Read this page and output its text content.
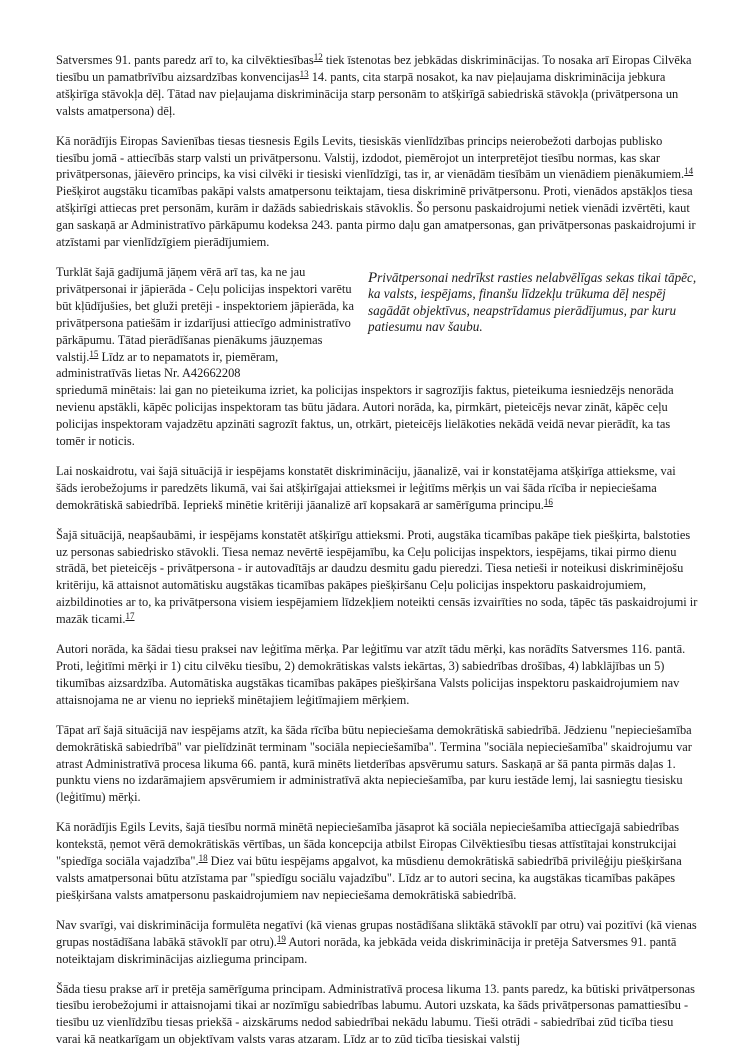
Satversmes 91. pants paredz arī to, ka cilvēktiesības$^{12}$ tiek īstenotas bez jebkādas diskriminācijas. To nosaka arī Eiropas Cilvēka tiesību un pamatbrīvību aizsardzības konvencijas$^{13}$ 14. pants, cita starpā nosakot, ka nav pieļaujama diskriminācija jebkura atšķirīga stāvokļa dēļ. Tātad nav pieļaujama diskriminācija starp personām to atšķirīgā sabiedriskā stāvokļa (privātpersona un valsts amatpersona) dēļ.

Kā norādījis Eiropas Savienības tiesas tiesnesis Egils Levits, tiesiskās vienlīdzības princips neierobežoti darbojas publisko tiesību jomā - attiecībās starp valsti un privātpersonu. Valstij, izdodot, piemērojot un interpretējot tiesību normas, kas skar privātpersonas, jāievēro princips, ka visi cilvēki ir tiesiski vienlīdzīgi, tas ir, ar vienādām tiesībām un vienādiem pienākumiem.$^{14}$ Piešķirot augstāku ticamības pakāpi valsts amatpersonu teiktajam, tiesa diskriminē privātpersonu. Proti, vienādos apstākļos tiesa atšķirīgi attiecas pret personām, kurām ir dažāds sabiedriskais stāvoklis. Šo personu paskaidrojumi netiek vienādi izvērtēti, kaut gan saskaņā ar Administratīvo pārkāpumu kodeksa 243. panta pirmo daļu gan amatpersonas, gan privātpersonas paskaidrojumi ir atzīstami par vienlīdzīgiem pierādījumiem.

Privātpersonai nedrīkst rasties nelabvēlīgas sekas tikai tāpēc, ka valsts, iespējams, finanšu līdzekļu trūkuma dēļ nespēj sagādāt objektīvus, neapstrīdamus pierādījumus, par kuru patiesumu nav šaubu.

Turklāt šajā gadījumā jāņem vērā arī tas, ka ne jau privātpersonai ir jāpierāda - Ceļu policijas inspektori varētu būt kļūdījušies, bet gluži pretēji - inspektoriem jāpierāda, ka privātpersona patiešām ir izdarījusi attiecīgo administratīvo pārkāpumu. Tātad pierādīšanas pienākums jāuzņemas valstij.$^{15}$ Līdz ar to nepamatots ir, piemēram, administratīvās lietas Nr. A42662208

spriedumā minētais: lai gan no pieteikuma izriet, ka policijas inspektors ir sagrozījis faktus, pieteikuma iesniedzējs nenorāda nevienu apstākli, kāpēc policijas inspektoram tas būtu jādara. Autori norāda, ka, pirmkārt, pieteicējs nevar zināt, kāpēc ceļu policijas inspektoram vajadzētu apzināti sagrozīt faktus, un, otrkārt, pieteicējs lielākoties nekādā veidā nevar pierādīt, ka tas tomēr ir noticis.

Lai noskaidrotu, vai šajā situācijā ir iespējams konstatēt diskrimināciju, jāanalizē, vai ir konstatējama atšķirīga attieksme, vai šāds ierobežojums ir paredzēts likumā, vai šai atšķirīgajai attieksmei ir leģitīms mērķis un vai šāda rīcība ir nepieciešama demokrātiskā sabiedrībā. Iepriekš minētie kritēriji jāanalizē arī kopsakarā ar samērīguma principu.$^{16}$

Šajā situācijā, neapšaubāmi, ir iespējams konstatēt atšķirīgu attieksmi. Proti, augstāka ticamības pakāpe tiek piešķirta, balstoties uz personas sabiedrisko stāvokli. Tiesa nemaz nevērtē iespējamību, ka Ceļu policijas inspektors, iespējams, tikai pirmo dienu strādā, bet pieteicējs - privātpersona - ir autovadītājs ar daudzu desmitu gadu pieredzi. Tiesa netieši ir noteikusi diskriminējošu kritēriju, kā attaisnot automātisku augstākas ticamības pakāpes piešķiršanu Ceļu policijas inspektoru paskaidrojumiem, aizbildinoties ar to, ka privātpersona visiem iespējamiem līdzekļiem noteikti censās izvairīties no soda, tāpēc tās paskaidrojumi ir mazāk ticami.$^{17}$

Autori norāda, ka šādai tiesu praksei nav leģitīma mērķa. Par leģitīmu var atzīt tādu mērķi, kas norādīts Satversmes 116. pantā. Proti, leģitīmi mērķi ir 1) citu cilvēku tiesību, 2) demokrātiskas valsts iekārtas, 3) sabiedrības drošības, 4) labklājības un 5) tikumības aizsardzība. Automātiska augstākas ticamības pakāpes piešķiršana Valsts policijas inspektoru paskaidrojumiem nav attaisnojama ne ar vienu no iepriekš minētajiem leģitīmajiem mērķiem.

Tāpat arī šajā situācijā nav iespējams atzīt, ka šāda rīcība būtu nepieciešama demokrātiskā sabiedrībā. Jēdzienu "nepieciešamība demokrātiskā sabiedrībā" var pielīdzināt terminam "sociāla nepieciešamība". Termina "sociāla nepieciešamība" skaidrojumu var atrast Administratīvā procesa likuma 66. pantā, kurā minēts lietderības apsvērumu saturs. Saskaņā ar šā panta pirmās daļas 1. punktu viens no izdarāmajiem apsvērumiem ir administratīvā akta nepieciešamība, par kuru iestāde lemj, lai sasniegtu tiesisku (leģitīmu) mērķi.

Kā norādījis Egils Levits, šajā tiesību normā minētā nepieciešamība jāsaprot kā sociāla nepieciešamība attiecīgajā sabiedrības kontekstā, ņemot vērā demokrātiskās vērtības, un šāda koncepcija atbilst Eiropas Cilvēktiesību tiesas attīstītajai konstrukcijai "spiedīga sociāla vajadzība".$^{18}$ Diez vai būtu iespējams apgalvot, ka mūsdienu demokrātiskā sabiedrībā privilēģiju piešķiršana valsts amatpersonai būtu atzīstama par "spiedīgu sociālu vajadzību". Līdz ar to autori secina, ka augstākas ticamības pakāpes piešķiršana valsts amatpersonu paskaidrojumiem nav nepieciešama demokrātiskā sabiedrībā.

Nav svarīgi, vai diskriminācija formulēta negatīvi (kā vienas grupas nostādīšana sliktākā stāvoklī par otru) vai pozitīvi (kā vienas grupas nostādīšana labākā stāvoklī par otru).$^{19}$ Autori norāda, ka jebkāda veida diskriminācija ir pretēja Satversmes 91. pantā noteiktajam diskriminācijas aizlieguma principam.

Šāda tiesu prakse arī ir pretēja samērīguma principam. Administratīvā procesa likuma 13. pants paredz, ka būtiski privātpersonas tiesību ierobežojumi ir attaisnojami tikai ar nozīmīgu sabiedrības labumu. Autori uzskata, ka šāds privātpersonas pamattiesību - tiesību uz vienlīdzību tiesas priekšā - aizskārums nedod sabiedrībai nekādu labumu. Tieši otrādi - sabiedrībai zūd ticība tiesu varai kā neatkarīgam un objektīvam valsts varas atzaram. Līdz ar to zūd ticība tiesiskai valstij
